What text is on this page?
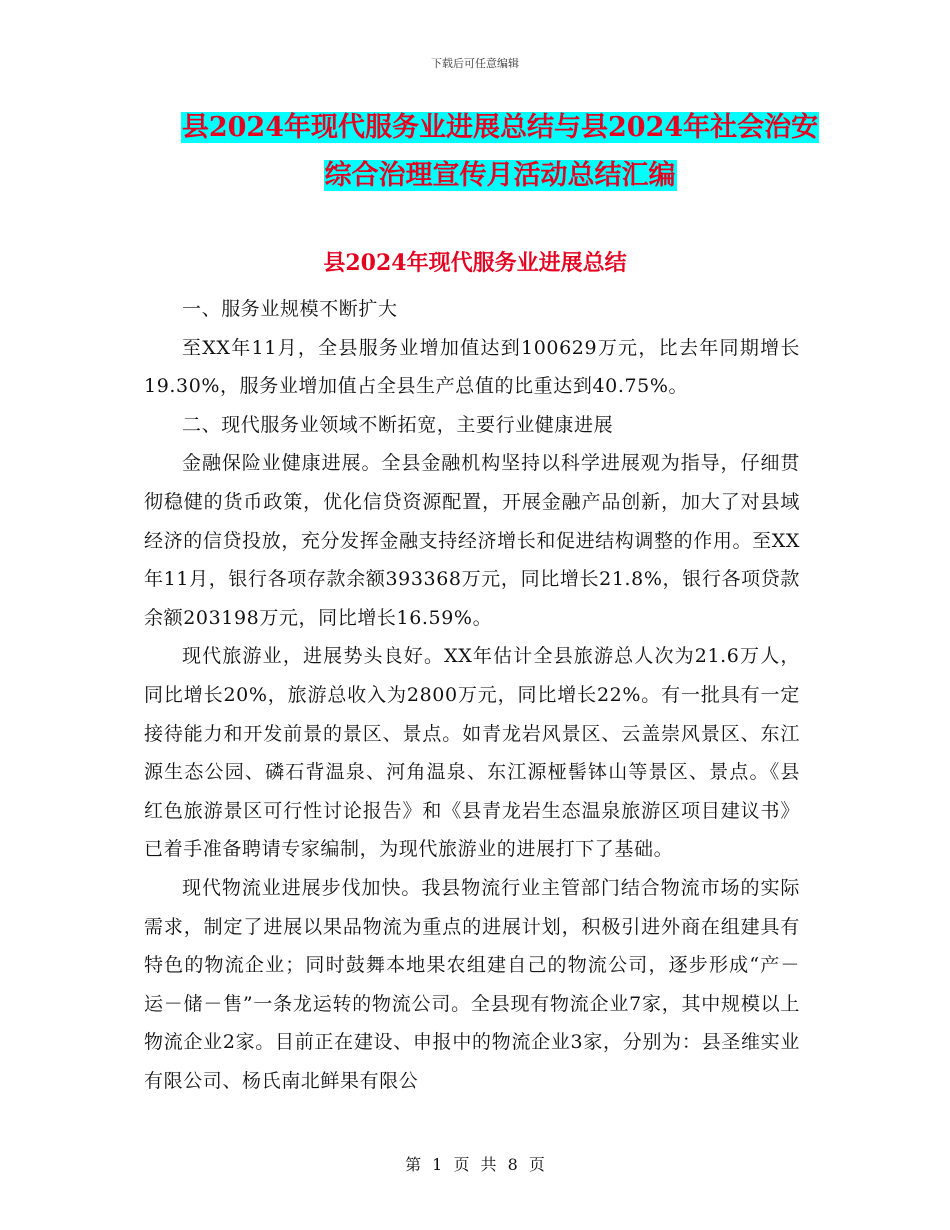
下载后可任意编辑
县2024年现代服务业进展总结与县2024年社会治安
综合治理宣传月活动总结汇编
县2024年现代服务业进展总结

一、服务业规模不断扩大

至XX年11月，全县服务业增加值达到100629万元，比去年同期增长19.30%，服务业增加值占全县生产总值的比重达到40.75%。

二、现代服务业领域不断拓宽，主要行业健康进展

金融保险业健康进展。全县金融机构坚持以科学进展观为指导，仔细贯彻稳健的货币政策，优化信贷资源配置，开展金融产品创新，加大了对县域经济的信贷投放，充分发挥金融支持经济增长和促进结构调整的作用。至XX年11月，银行各项存款余额393368万元，同比增长21.8%，银行各项贷款余额203198万元，同比增长16.59%。

现代旅游业，进展势头良好。XX年估计全县旅游总人次为21.6万人，同比增长20%，旅游总收入为2800万元，同比增长22%。有一批具有一定接待能力和开发前景的景区、景点。如青龙岩风景区、云盖崇风景区、东江源生态公园、磷石背温泉、河角温泉、东江源桠髻钵山等景区、景点。《县红色旅游景区可行性讨论报告》和《县青龙岩生态温泉旅游区项目建议书》已着手准备聘请专家编制，为现代旅游业的进展打下了基础。

现代物流业进展步伐加快。我县物流行业主管部门结合物流市场的实际需求，制定了进展以果品物流为重点的进展计划，积极引进外商在组建具有特色的物流企业；同时鼓舞本地果农组建自己的物流公司，逐步形成“产－运－储－售”一条龙运转的物流公司。全县现有物流企业7家，其中规模以上物流企业2家。目前正在建设、申报中的物流企业3家，分别为：县圣维实业有限公司、杨氏南北鲜果有限公

第 1 页 共 8 页
